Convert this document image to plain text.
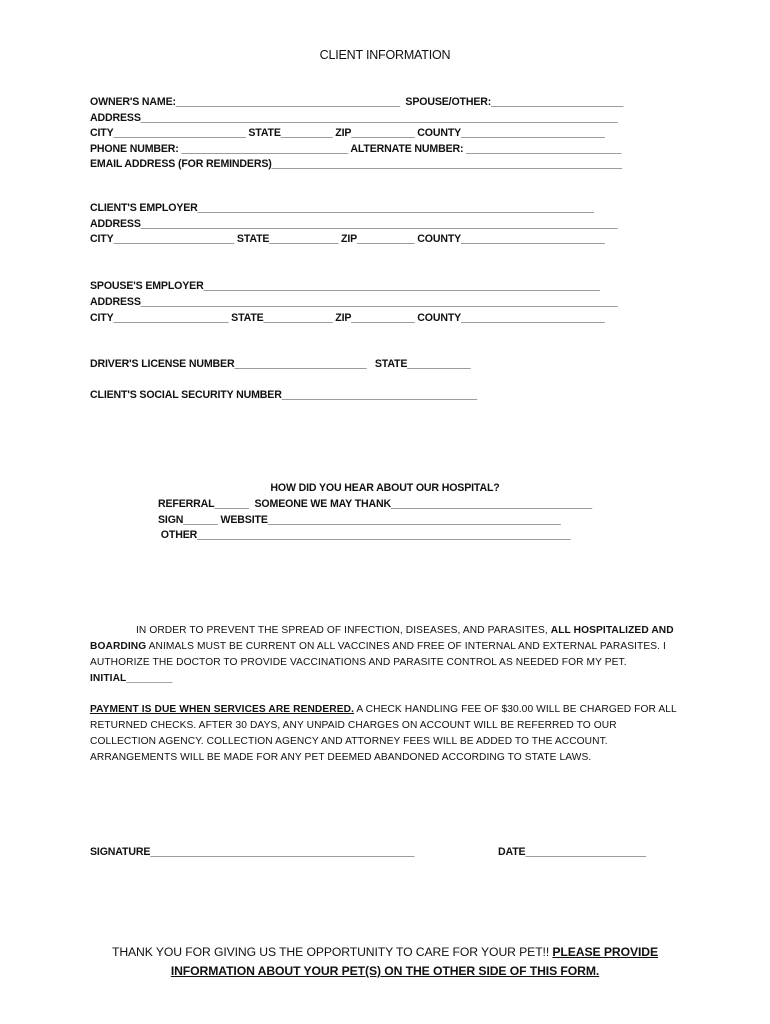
CLIENT INFORMATION
OWNER'S NAME:_______________________________________  SPOUSE/OTHER:_______________________
ADDRESS___________________________________________________________________________________
CITY_______________________ STATE_________ ZIP___________ COUNTY_________________________
PHONE NUMBER: _____________________________ ALTERNATE NUMBER: ___________________________
EMAIL ADDRESS (FOR REMINDERS)_____________________________________________________________
CLIENT'S EMPLOYER_____________________________________________________________________
ADDRESS___________________________________________________________________________________
CITY_____________________ STATE____________ ZIP__________ COUNTY_________________________
SPOUSE'S EMPLOYER_____________________________________________________________________
ADDRESS___________________________________________________________________________________
CITY____________________ STATE____________ ZIP___________ COUNTY_________________________
DRIVER'S LICENSE NUMBER_______________________   STATE___________
CLIENT'S SOCIAL SECURITY NUMBER__________________________________
HOW DID YOU HEAR ABOUT OUR HOSPITAL?
REFERRAL______  SOMEONE WE MAY THANK___________________________________
SIGN______ WEBSITE___________________________________________________
OTHER_________________________________________________________________
IN ORDER TO PREVENT THE SPREAD OF INFECTION, DISEASES, AND PARASITES, ALL HOSPITALIZED AND BOARDING ANIMALS MUST BE CURRENT ON ALL VACCINES AND FREE OF INTERNAL AND EXTERNAL PARASITES. I AUTHORIZE THE DOCTOR TO PROVIDE VACCINATIONS AND PARASITE CONTROL AS NEEDED FOR MY PET.
INITIAL________
PAYMENT IS DUE WHEN SERVICES ARE RENDERED. A CHECK HANDLING FEE OF $30.00 WILL BE CHARGED FOR ALL RETURNED CHECKS. AFTER 30 DAYS, ANY UNPAID CHARGES ON ACCOUNT WILL BE REFERRED TO OUR COLLECTION AGENCY. COLLECTION AGENCY AND ATTORNEY FEES WILL BE ADDED TO THE ACCOUNT. ARRANGEMENTS WILL BE MADE FOR ANY PET DEEMED ABANDONED ACCORDING TO STATE LAWS.
SIGNATURE______________________________________________	DATE_____________________
THANK YOU FOR GIVING US THE OPPORTUNITY TO CARE FOR YOUR PET!! PLEASE PROVIDE
INFORMATION ABOUT YOUR PET(S) ON THE OTHER SIDE OF THIS FORM.
